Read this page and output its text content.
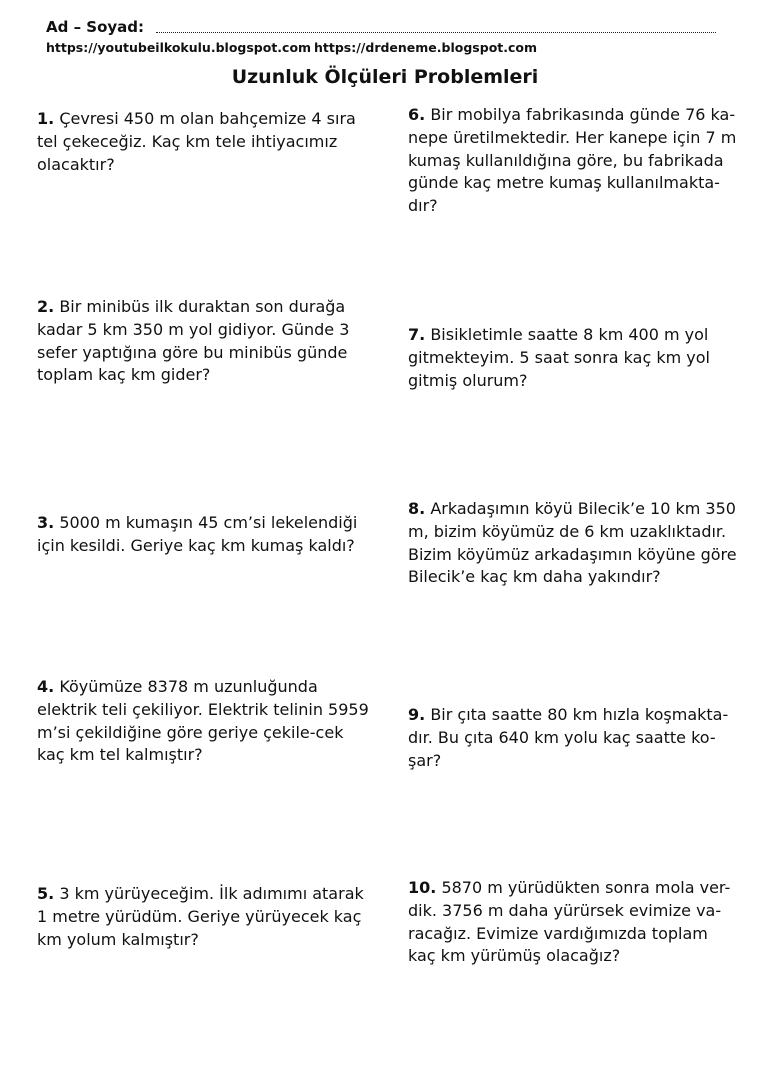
Ad – Soyad:
https://youtubeilkokulu.blogspot.com https://drdeneme.blogspot.com
Uzunluk Ölçüleri Problemleri
1. Çevresi 450 m olan bahçemize 4 sıra tel çekeceğiz. Kaç km tele ihtiyacımız olacaktır?
2. Bir minibüs ilk duraktan son durağa kadar 5 km 350 m yol gidiyor. Günde 3 sefer yaptığına göre bu minibüs günde toplam kaç km gider?
3. 5000 m kumaşın 45 cm’si lekelendiği için kesildi. Geriye kaç km kumaş kaldı?
4. Köyümüze 8378 m uzunluğunda elektrik teli çekiliyor. Elektrik telinin 5959 m’si çekildiğine göre geriye çekile-cek kaç km tel kalmıştır?
5. 3 km yürüyeceğim. İlk adımımı atarak 1 metre yürüdüm. Geriye yürüyecek kaç km yolum kalmıştır?
6. Bir mobilya fabrikasında günde 76 ka-nepe üretilmektedir. Her kanepe için 7 m kumaş kullanıldığına göre, bu fabrikada günde kaç metre kumaş kullanılmakta-dır?
7. Bisikletimle saatte 8 km 400 m yol gitmekteyim. 5 saat sonra kaç km yol gitmiş olurum?
8. Arkadaşımın köyü Bilecik’e 10 km 350 m, bizim köyümüz de 6 km uzaklıktadır. Bizim köyümüz arkadaşımın köyüne göre Bilecik’e kaç km daha yakındır?
9. Bir çıta saatte 80 km hızla koşmakta-dır. Bu çıta 640 km yolu kaç saatte ko-şar?
10. 5870 m yürüdükten sonra mola ver-dik. 3756 m daha yürürsek evimize va-racağız. Evimize vardığımızda toplam kaç km yürümüş olacağız?
